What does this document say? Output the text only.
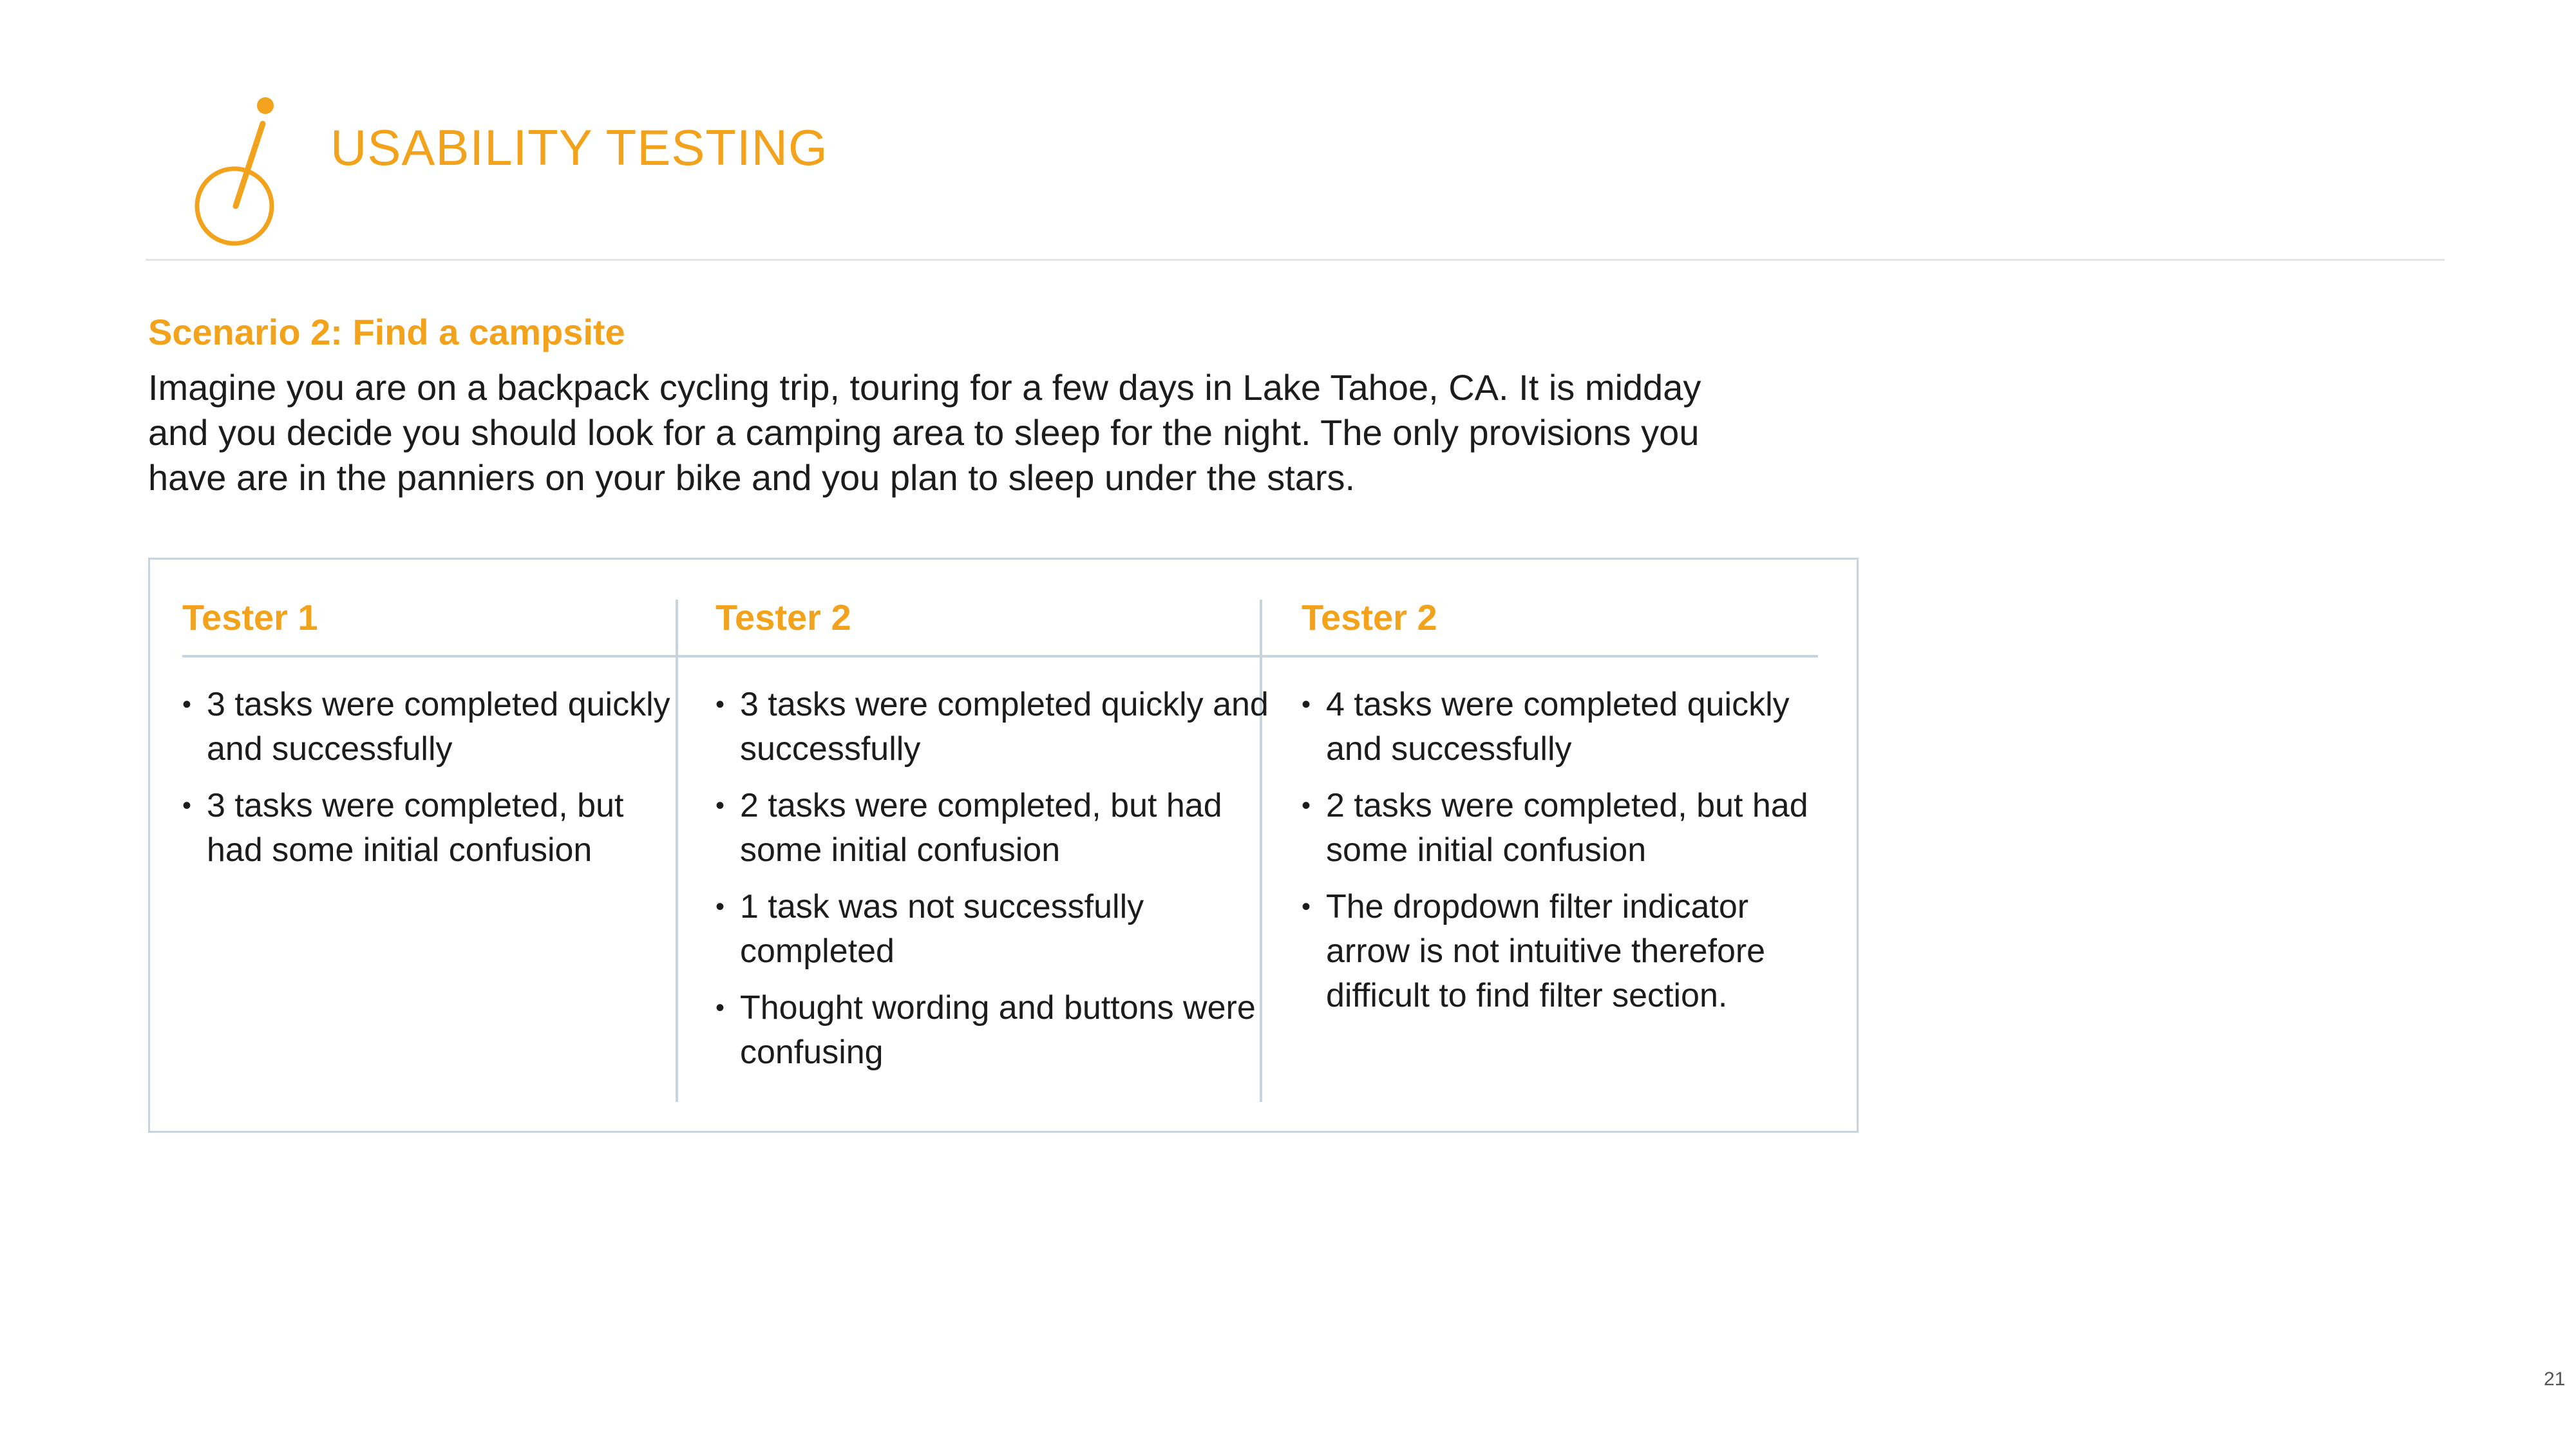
USABILITY TESTING
Scenario 2: Find a campsite

Imagine you are on a backpack cycling trip, touring for a few days in Lake Tahoe, CA. It is midday and you decide you should look for a camping area to sleep for the night. The only provisions you have are in the panniers on your bike and you plan to sleep under the stars.

Tester 1
• 3 tasks were completed quickly and successfully
• 3 tasks were completed, but had some initial confusion
Tester 2
• 3 tasks were completed quickly and successfully
• 2 tasks were completed, but had some initial confusion
• 1 task was not successfully completed
• Thought wording and buttons were confusing
Tester 2
• 4 tasks were completed quickly and successfully
• 2 tasks were completed, but had some initial confusion
• The dropdown filter indicator arrow is not intuitive therefore difficult to find filter section.
21
